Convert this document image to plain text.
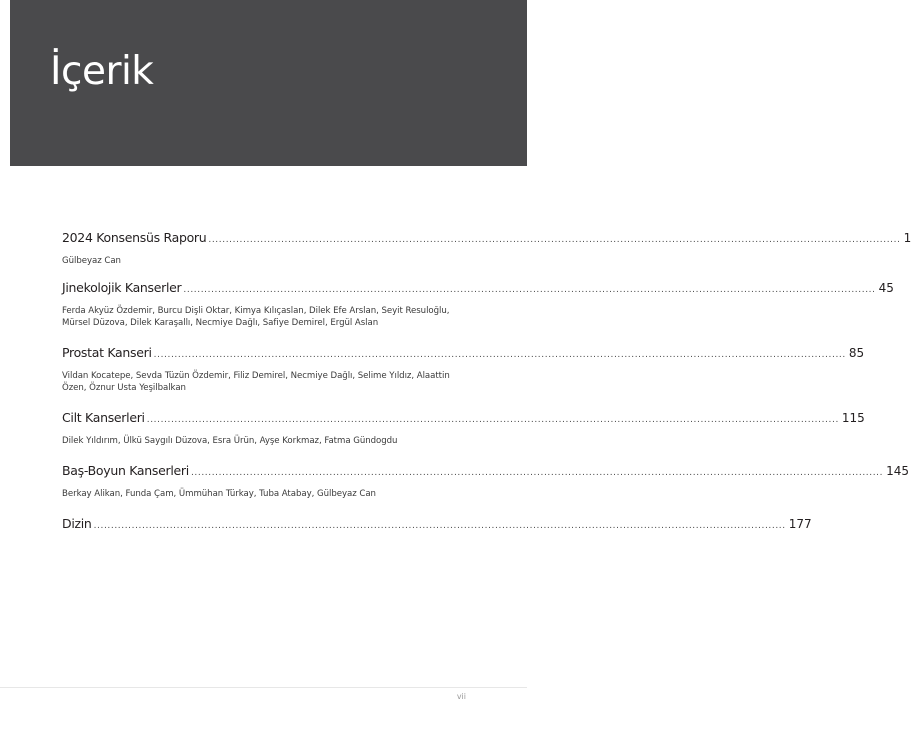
İçerik
2024 Konsensüs Raporu ........................................................................................................................................................................................................ 1
Gülbeyaz Can
Jinekolojik Kanserler ........................................................................................................................................................................................................ 45
Ferda Akyüz Özdemir, Burcu Dişli Oktar, Kimya Kılıçaslan, Dilek Efe Arslan, Seyit Resuloğlu, Mürsel Düzova, Dilek Karaşallı, Necmiye Dağlı, Safiye Demirel, Ergül Aslan
Prostat Kanseri ........................................................................................................................................................................................................ 85
Vildan Kocatepe, Sevda Tüzün Özdemir, Filiz Demirel, Necmiye Dağlı, Selime Yıldız, Alaattin Özen, Öznur Usta Yeşilbalkan
Cilt Kanserleri ........................................................................................................................................................................................................ 115
Dilek Yıldırım, Ülkü Saygılı Düzova, Esra Ürün, Ayşe Korkmaz, Fatma Gündogdu
Baş-Boyun Kanserleri ........................................................................................................................................................................................................ 145
Berkay Alikan, Funda Çam, Ümmühan Türkay, Tuba Atabay, Gülbeyaz Can
Dizin ........................................................................................................................................................................................................ 177
vii
